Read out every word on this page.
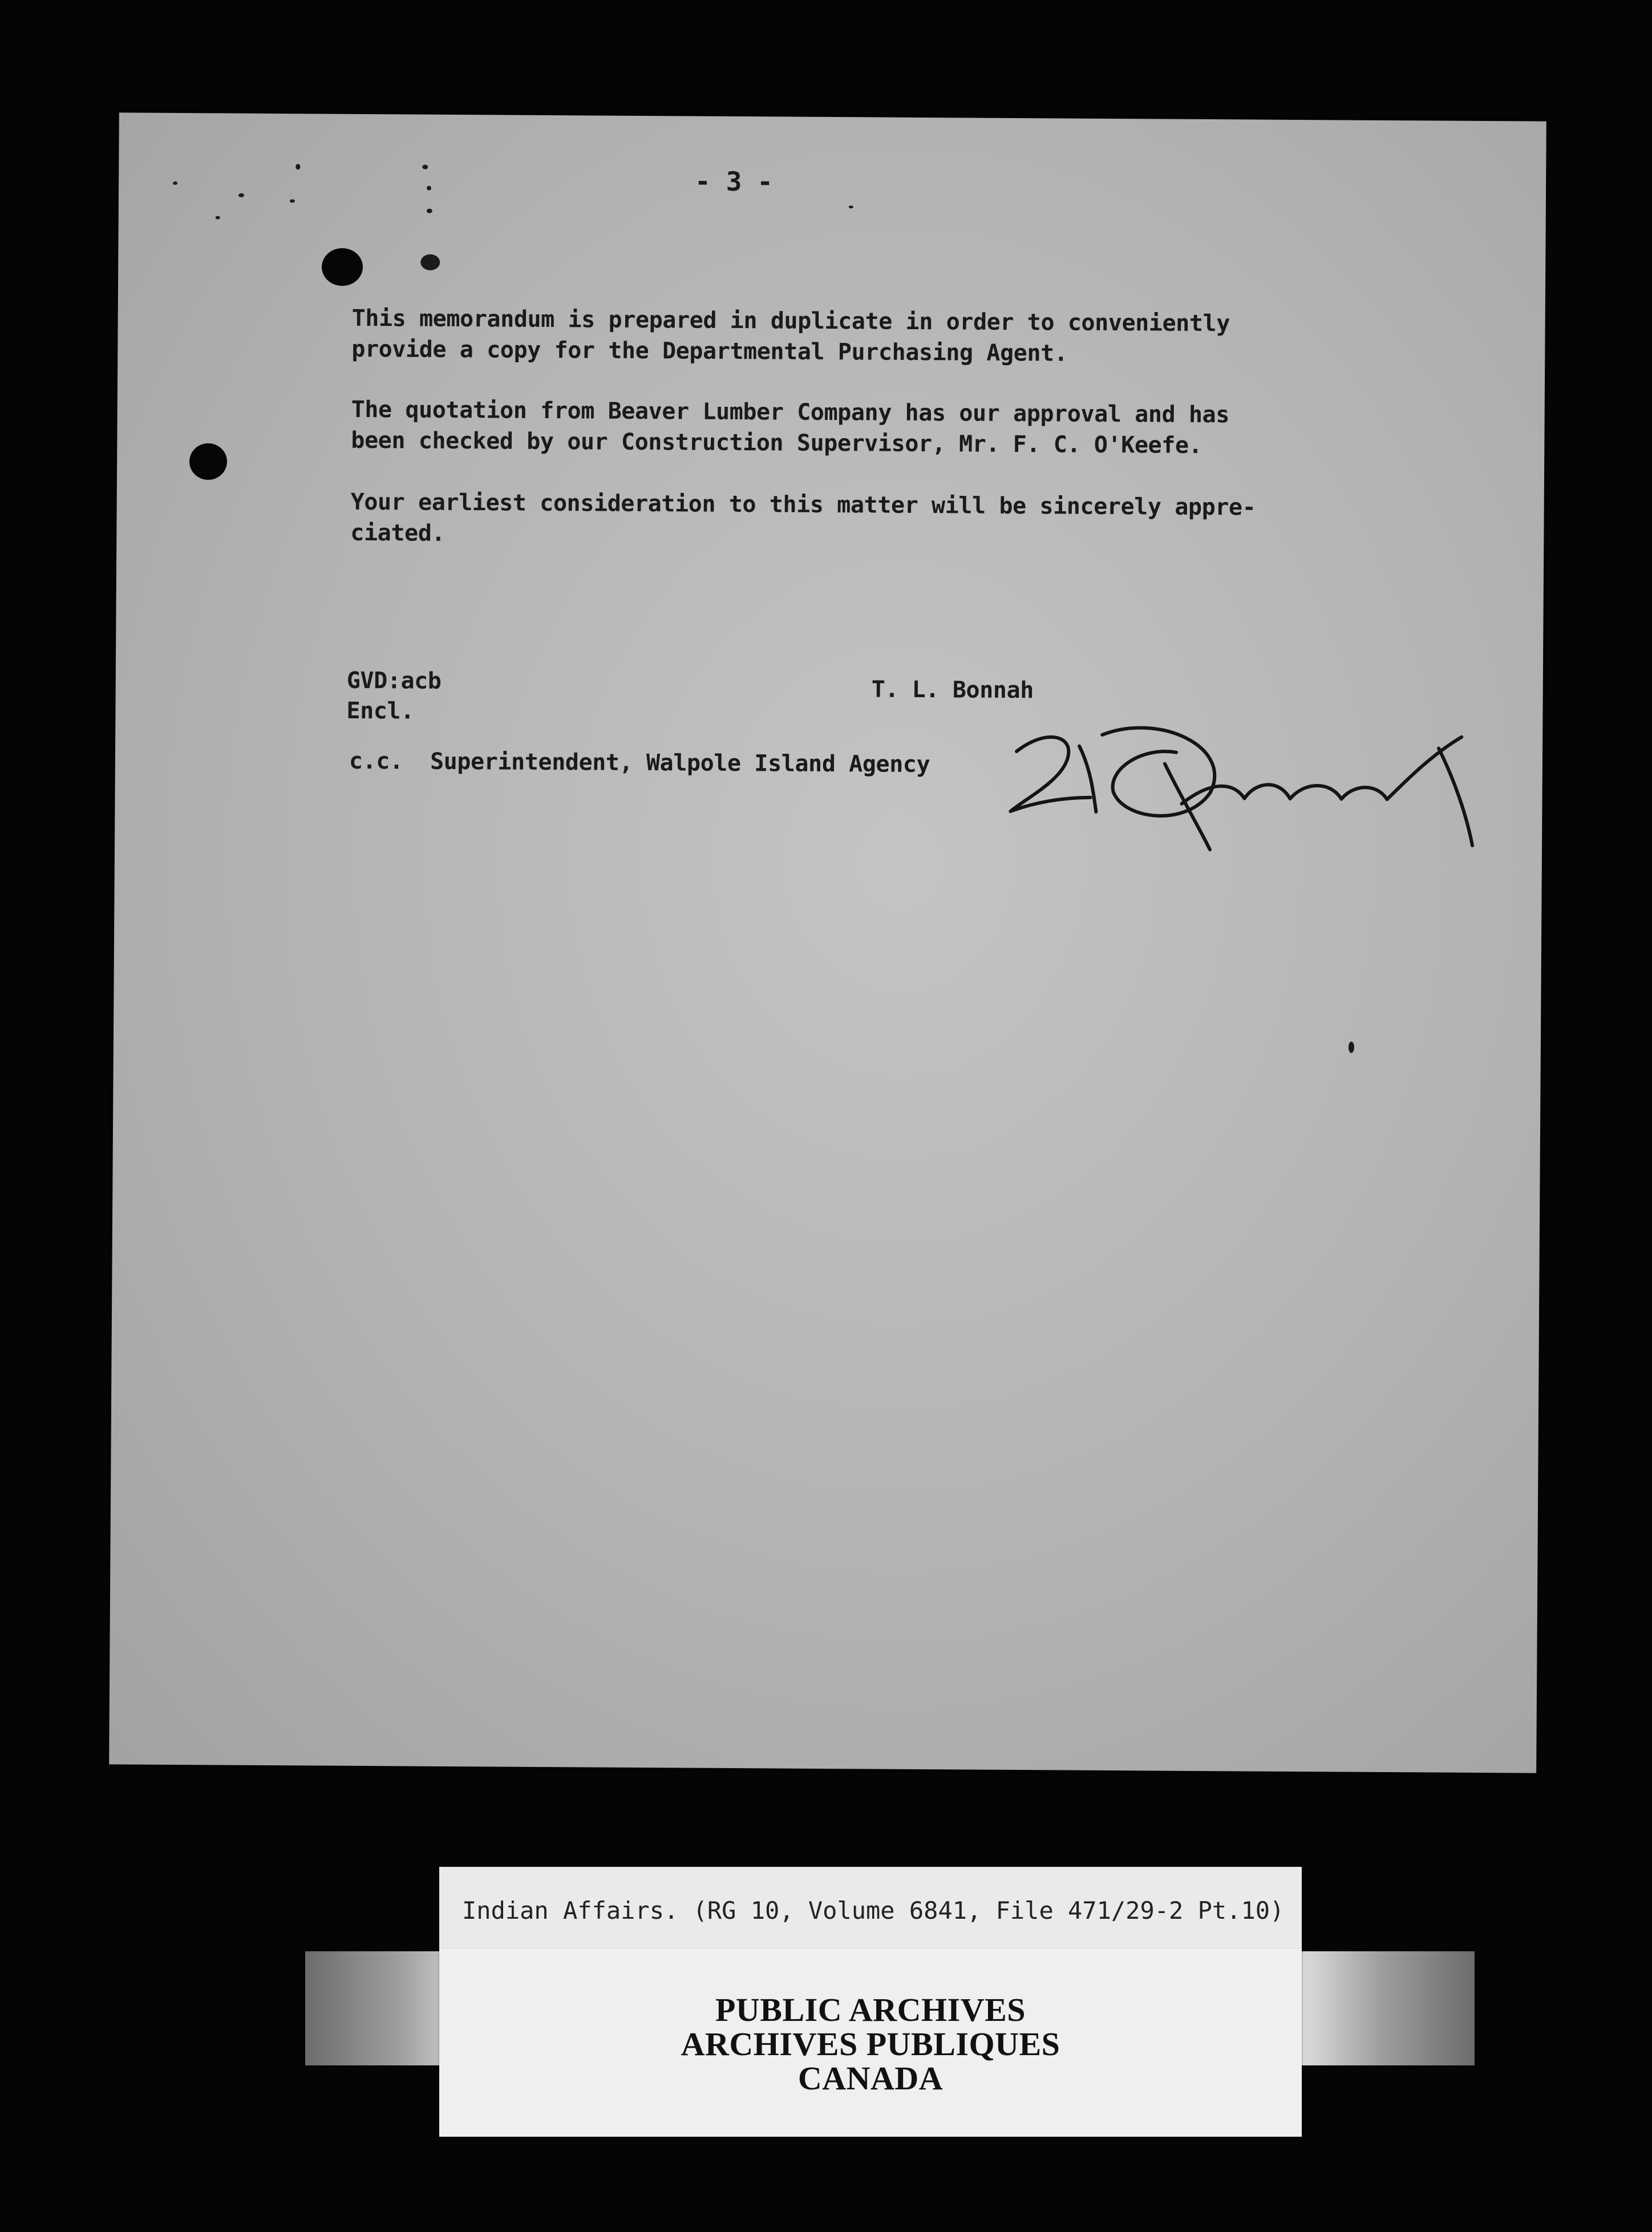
- 3 -
This memorandum is prepared in duplicate in order to conveniently
provide a copy for the Departmental Purchasing Agent.
The quotation from Beaver Lumber Company has our approval and has
been checked by our Construction Supervisor, Mr. F. C. O'Keefe.
Your earliest consideration to this matter will be sincerely appre-
ciated.
T. L. Bonnah
GVD:acb
Encl.
c.c.  Superintendent, Walpole Island Agency
Indian Affairs. (RG 10, Volume 6841, File 471/29-2 Pt.10)
PUBLIC ARCHIVES
ARCHIVES PUBLIQUES
CANADA
